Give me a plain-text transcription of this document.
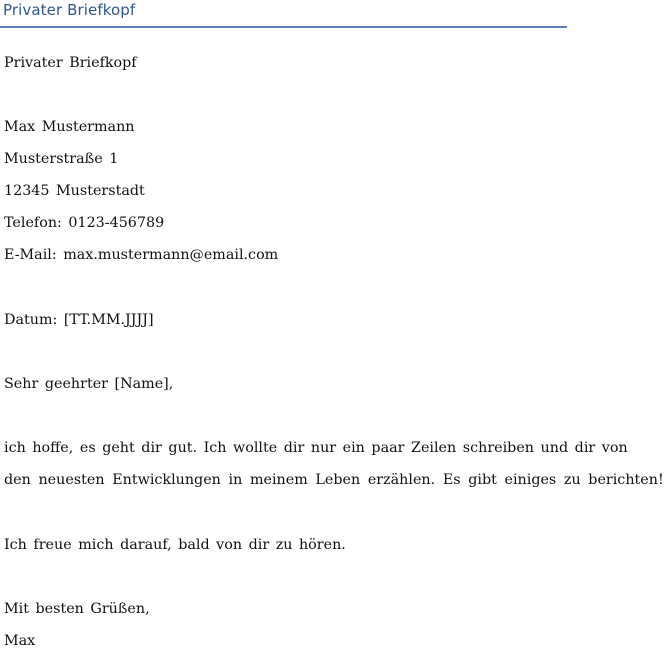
Privater Briefkopf
Privater Briefkopf
Max Mustermann
Musterstraße 1
12345 Musterstadt
Telefon: 0123-456789
E-Mail: max.mustermann@email.com
Datum: [TT.MM.JJJJ]
Sehr geehrter [Name],
ich hoffe, es geht dir gut. Ich wollte dir nur ein paar Zeilen schreiben und dir von
den neuesten Entwicklungen in meinem Leben erzählen. Es gibt einiges zu berichten!
Ich freue mich darauf, bald von dir zu hören.
Mit besten Grüßen,
Max
